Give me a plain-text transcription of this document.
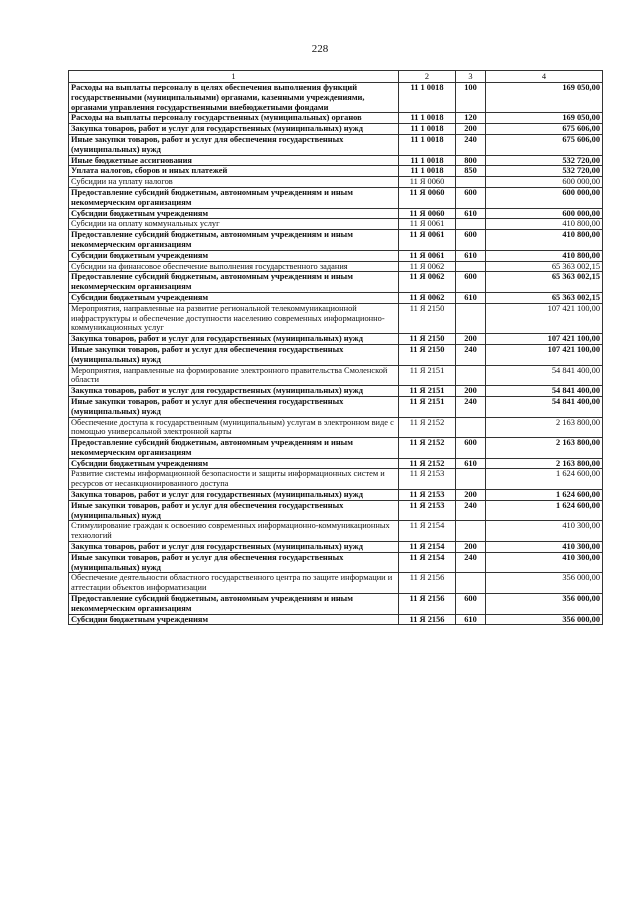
228
1	2	3	4
Расходы на выплаты персоналу в целях обеспечения выполнения функций государственными (муниципальными) органами, казенными учреждениями, органами управления государственными внебюджетными фондами	11 1 0018	100	169 050,00
Расходы на выплаты персоналу государственных (муниципальных) органов	11 1 0018	120	169 050,00
Закупка товаров, работ и услуг для государственных (муниципальных) нужд	11 1 0018	200	675 606,00
Иные закупки товаров, работ и услуг для обеспечения государственных (муниципальных) нужд	11 1 0018	240	675 606,00
Иные бюджетные ассигнования	11 1 0018	800	532 720,00
Уплата налогов, сборов и иных платежей	11 1 0018	850	532 720,00
Субсидии на уплату налогов	11 Я 0060		600 000,00
Предоставление субсидий бюджетным, автономным учреждениям и иным некоммерческим организациям	11 Я 0060	600	600 000,00
Субсидии бюджетным учреждениям	11 Я 0060	610	600 000,00
Субсидии на оплату коммунальных услуг	11 Я 0061		410 800,00
Предоставление субсидий бюджетным, автономным учреждениям и иным некоммерческим организациям	11 Я 0061	600	410 800,00
Субсидии бюджетным учреждениям	11 Я 0061	610	410 800,00
Субсидии на финансовое обеспечение выполнения государственного задания	11 Я 0062		65 363 002,15
Предоставление субсидий бюджетным, автономным учреждениям и иным некоммерческим организациям	11 Я 0062	600	65 363 002,15
Субсидии бюджетным учреждениям	11 Я 0062	610	65 363 002,15
Мероприятия, направленные на развитие региональной телекоммуникационной инфраструктуры и обеспечение доступности населению современных информационно-коммуникационных услуг	11 Я 2150		107 421 100,00
Закупка товаров, работ и услуг для государственных (муниципальных) нужд	11 Я 2150	200	107 421 100,00
Иные закупки товаров, работ и услуг для обеспечения государственных (муниципальных) нужд	11 Я 2150	240	107 421 100,00
Мероприятия, направленные на формирование электронного правительства Смоленской области	11 Я 2151		54 841 400,00
Закупка товаров, работ и услуг для государственных (муниципальных) нужд	11 Я 2151	200	54 841 400,00
Иные закупки товаров, работ и услуг для обеспечения государственных (муниципальных) нужд	11 Я 2151	240	54 841 400,00
Обеспечение доступа к государственным (муниципальным) услугам в электронном виде с помощью универсальной электронной карты	11 Я 2152		2 163 800,00
Предоставление субсидий бюджетным, автономным учреждениям и иным некоммерческим организациям	11 Я 2152	600	2 163 800,00
Субсидии бюджетным учреждениям	11 Я 2152	610	2 163 800,00
Развитие системы информационной безопасности и защиты информационных систем и ресурсов от несанкционированного доступа	11 Я 2153		1 624 600,00
Закупка товаров, работ и услуг для государственных (муниципальных) нужд	11 Я 2153	200	1 624 600,00
Иные закупки товаров, работ и услуг для обеспечения государственных (муниципальных) нужд	11 Я 2153	240	1 624 600,00
Стимулирование граждан к освоению современных информационно-коммуникационных технологий	11 Я 2154		410 300,00
Закупка товаров, работ и услуг для государственных (муниципальных) нужд	11 Я 2154	200	410 300,00
Иные закупки товаров, работ и услуг для обеспечения государственных (муниципальных) нужд	11 Я 2154	240	410 300,00
Обеспечение деятельности областного государственного центра по защите информации и аттестации объектов информатизации	11 Я 2156		356 000,00
Предоставление субсидий бюджетным, автономным учреждениям и иным некоммерческим организациям	11 Я 2156	600	356 000,00
Субсидии бюджетным учреждениям	11 Я 2156	610	356 000,00
